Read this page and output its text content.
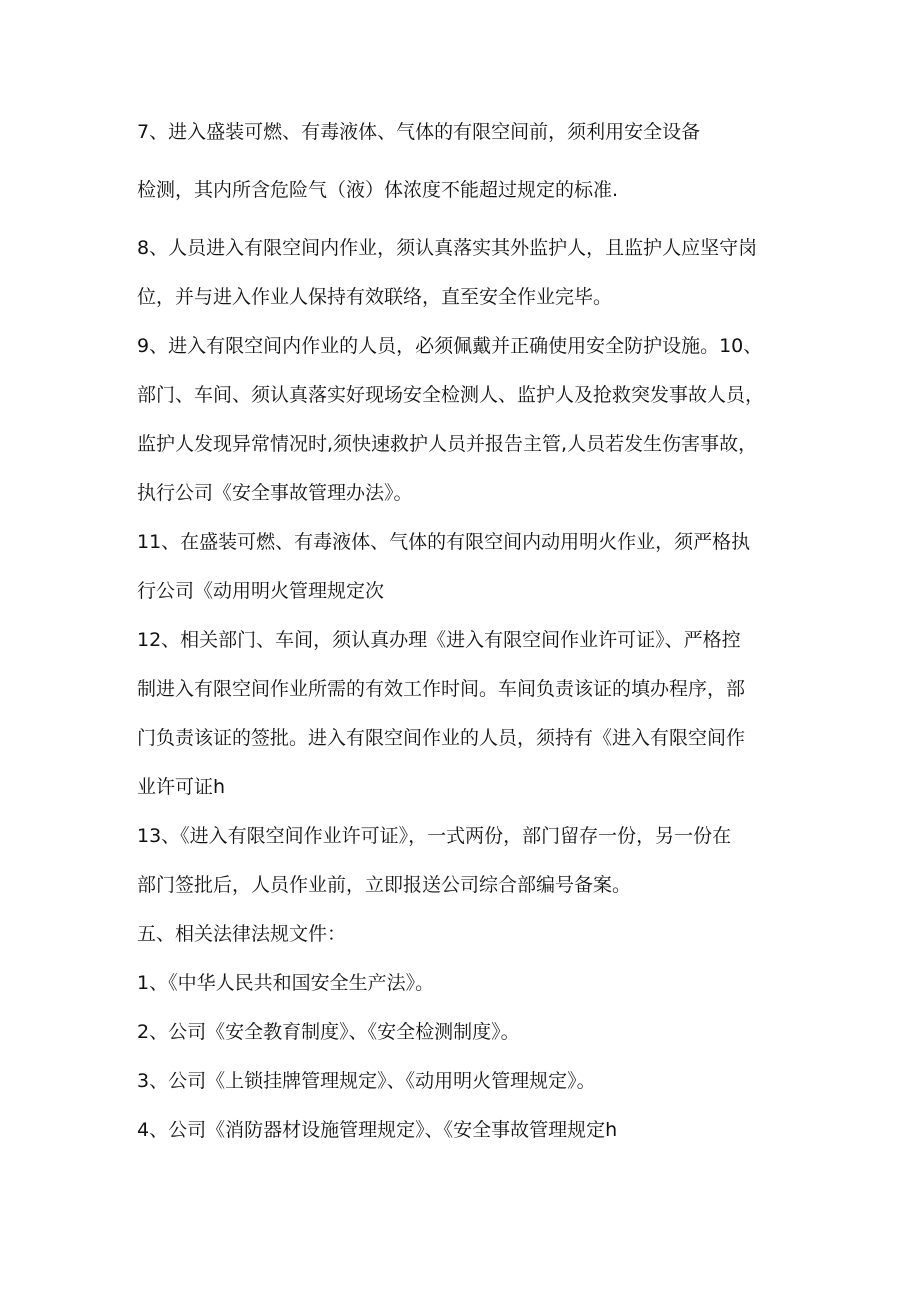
7、进入盛装可燃、有毒液体、气体的有限空间前，须利用安全设备
检测，其内所含危险气（液）体浓度不能超过规定的标准.
8、人员进入有限空间内作业，须认真落实其外监护人，且监护人应坚守岗
位，并与进入作业人保持有效联络，直至安全作业完毕。
9、进入有限空间内作业的人员，必须佩戴并正确使用安全防护设施。10、
部门、车间、须认真落实好现场安全检测人、监护人及抢救突发事故人员，
监护人发现异常情况时,须快速救护人员并报告主管,人员若发生伤害事故，
执行公司《安全事故管理办法》。
11、在盛装可燃、有毒液体、气体的有限空间内动用明火作业，须严格执
行公司《动用明火管理规定次
12、相关部门、车间，须认真办理《进入有限空间作业许可证》、严格控
制进入有限空间作业所需的有效工作时间。车间负责该证的填办程序，部
门负责该证的签批。进入有限空间作业的人员，须持有《进入有限空间作
业许可证h
13、《进入有限空间作业许可证》，一式两份，部门留存一份，另一份在
部门签批后，人员作业前，立即报送公司综合部编号备案。
五、相关法律法规文件：
1、《中华人民共和国安全生产法》。
2、公司《安全教育制度》、《安全检测制度》。
3、公司《上锁挂牌管理规定》、《动用明火管理规定》。
4、公司《消防器材设施管理规定》、《安全事故管理规定h
